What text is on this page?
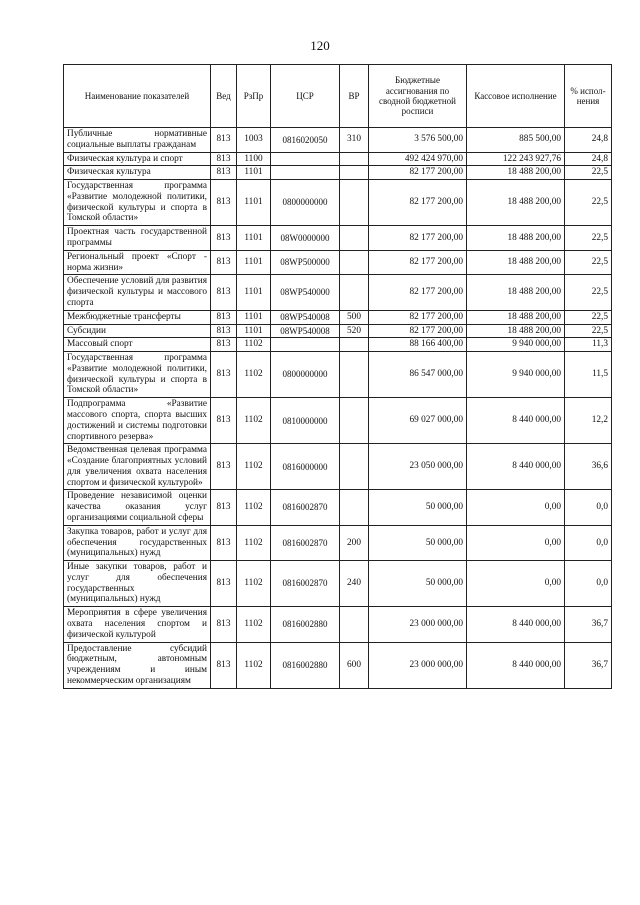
120
Наименование показателей	Вед	РзПр	ЦСР	ВР	Бюджетные ассигнования по сводной бюджетной росписи	Кассовое исполнение	% испол-нения
Публичные нормативные социальные выплаты гражданам	813	1003	0816020050	310	3 576 500,00	885 500,00	24,8
Физическая культура и спорт	813	1100			492 424 970,00	122 243 927,76	24,8
Физическая культура	813	1101			82 177 200,00	18 488 200,00	22,5
Государственная программа «Развитие молодежной политики, физической культуры и спорта в Томской области»	813	1101	0800000000		82 177 200,00	18 488 200,00	22,5
Проектная часть государственной программы	813	1101	08W0000000		82 177 200,00	18 488 200,00	22,5
Региональный проект «Спорт - норма жизни»	813	1101	08WP500000		82 177 200,00	18 488 200,00	22,5
Обеспечение условий для развития физической культуры и массового спорта	813	1101	08WP540000		82 177 200,00	18 488 200,00	22,5
Межбюджетные трансферты	813	1101	08WP540008	500	82 177 200,00	18 488 200,00	22,5
Субсидии	813	1101	08WP540008	520	82 177 200,00	18 488 200,00	22,5
Массовый спорт	813	1102			88 166 400,00	9 940 000,00	11,3
Государственная программа «Развитие молодежной политики, физической культуры и спорта в Томской области»	813	1102	0800000000		86 547 000,00	9 940 000,00	11,5
Подпрограмма «Развитие массового спорта, спорта высших достижений и системы подготовки спортивного резерва»	813	1102	0810000000		69 027 000,00	8 440 000,00	12,2
Ведомственная целевая программа «Создание благоприятных условий для увеличения охвата населения спортом и физической культурой»	813	1102	0816000000		23 050 000,00	8 440 000,00	36,6
Проведение независимой оценки качества оказания услуг организациями социальной сферы	813	1102	0816002870		50 000,00	0,00	0,0
Закупка товаров, работ и услуг для обеспечения государственных (муниципальных) нужд	813	1102	0816002870	200	50 000,00	0,00	0,0
Иные закупки товаров, работ и услуг для обеспечения государственных (муниципальных) нужд	813	1102	0816002870	240	50 000,00	0,00	0,0
Мероприятия в сфере увеличения охвата населения спортом и физической культурой	813	1102	0816002880		23 000 000,00	8 440 000,00	36,7
Предоставление субсидий бюджетным, автономным учреждениям и иным некоммерческим организациям	813	1102	0816002880	600	23 000 000,00	8 440 000,00	36,7
